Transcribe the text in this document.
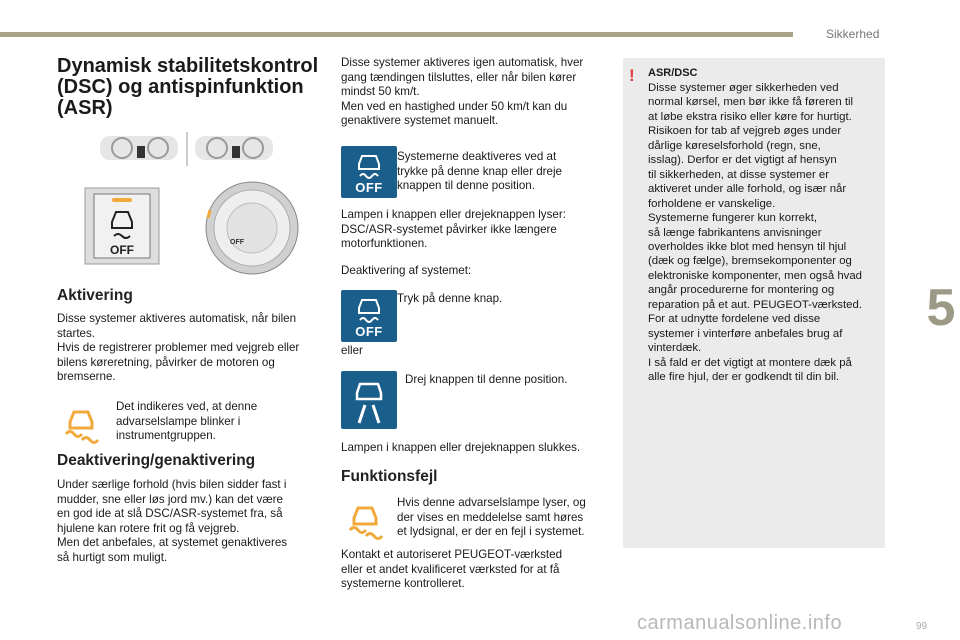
Sikkerhed
5
Dynamisk stabilitetskontrol
(DSC) og antispinfunktion
(ASR)
OFF
OFF
Aktivering
Disse systemer aktiveres automatisk, når bilen
startes.
Hvis de registrerer problemer med vejgreb eller
bilens køreretning, påvirker de motoren og
bremserne.
Det indikeres ved, at denne
advarselslampe blinker i
instrumentgruppen.
Deaktivering/genaktivering
Under særlige forhold (hvis bilen sidder fast i
mudder, sne eller løs jord mv.) kan det være
en god ide at slå DSC/ASR-systemet fra, så
hjulene kan rotere frit og få vejgreb.
Men det anbefales, at systemet genaktiveres
så hurtigt som muligt.
Disse systemer aktiveres igen automatisk, hver
gang tændingen tilsluttes, eller når bilen kører
mindst 50 km/t.
Men ved en hastighed under 50 km/t kan du
genaktivere systemet manuelt.
OFF
Systemerne deaktiveres ved at
trykke på denne knap eller dreje
knappen til denne position.
Lampen i knappen eller drejeknappen lyser:
DSC/ASR-systemet påvirker ikke længere
motorfunktionen.
Deaktivering af systemet:
OFF
Tryk på denne knap.
eller
Drej knappen til denne position.
Lampen i knappen eller drejeknappen slukkes.
Funktionsfejl
Hvis denne advarselslampe lyser, og
der vises en meddelelse samt høres
et lydsignal, er der en fejl i systemet.
Kontakt et autoriseret PEUGEOT-værksted
eller et andet kvalificeret værksted for at få
systemerne kontrolleret.
! ASR/DSC
Disse systemer øger sikkerheden ved
normal kørsel, men bør ikke få føreren til
at løbe ekstra risiko eller køre for hurtigt.
Risikoen for tab af vejgreb øges under
dårlige køreselsforhold (regn, sne,
isslag). Derfor er det vigtigt af hensyn
til sikkerheden, at disse systemer er
aktiveret under alle forhold, og især når
forholdene er vanskelige.
Systemerne fungerer kun korrekt,
så længe fabrikantens anvisninger
overholdes ikke blot med hensyn til hjul
(dæk og fælge), bremsekomponenter og
elektroniske komponenter, men også hvad
angår procedurerne for montering og
reparation på et aut. PEUGEOT-værksted.
For at udnytte fordelene ved disse
systemer i vinterføre anbefales brug af
vinterdæk.
I så fald er det vigtigt at montere dæk på
alle fire hjul, der er godkendt til din bil.
carmanualsonline.info	99
